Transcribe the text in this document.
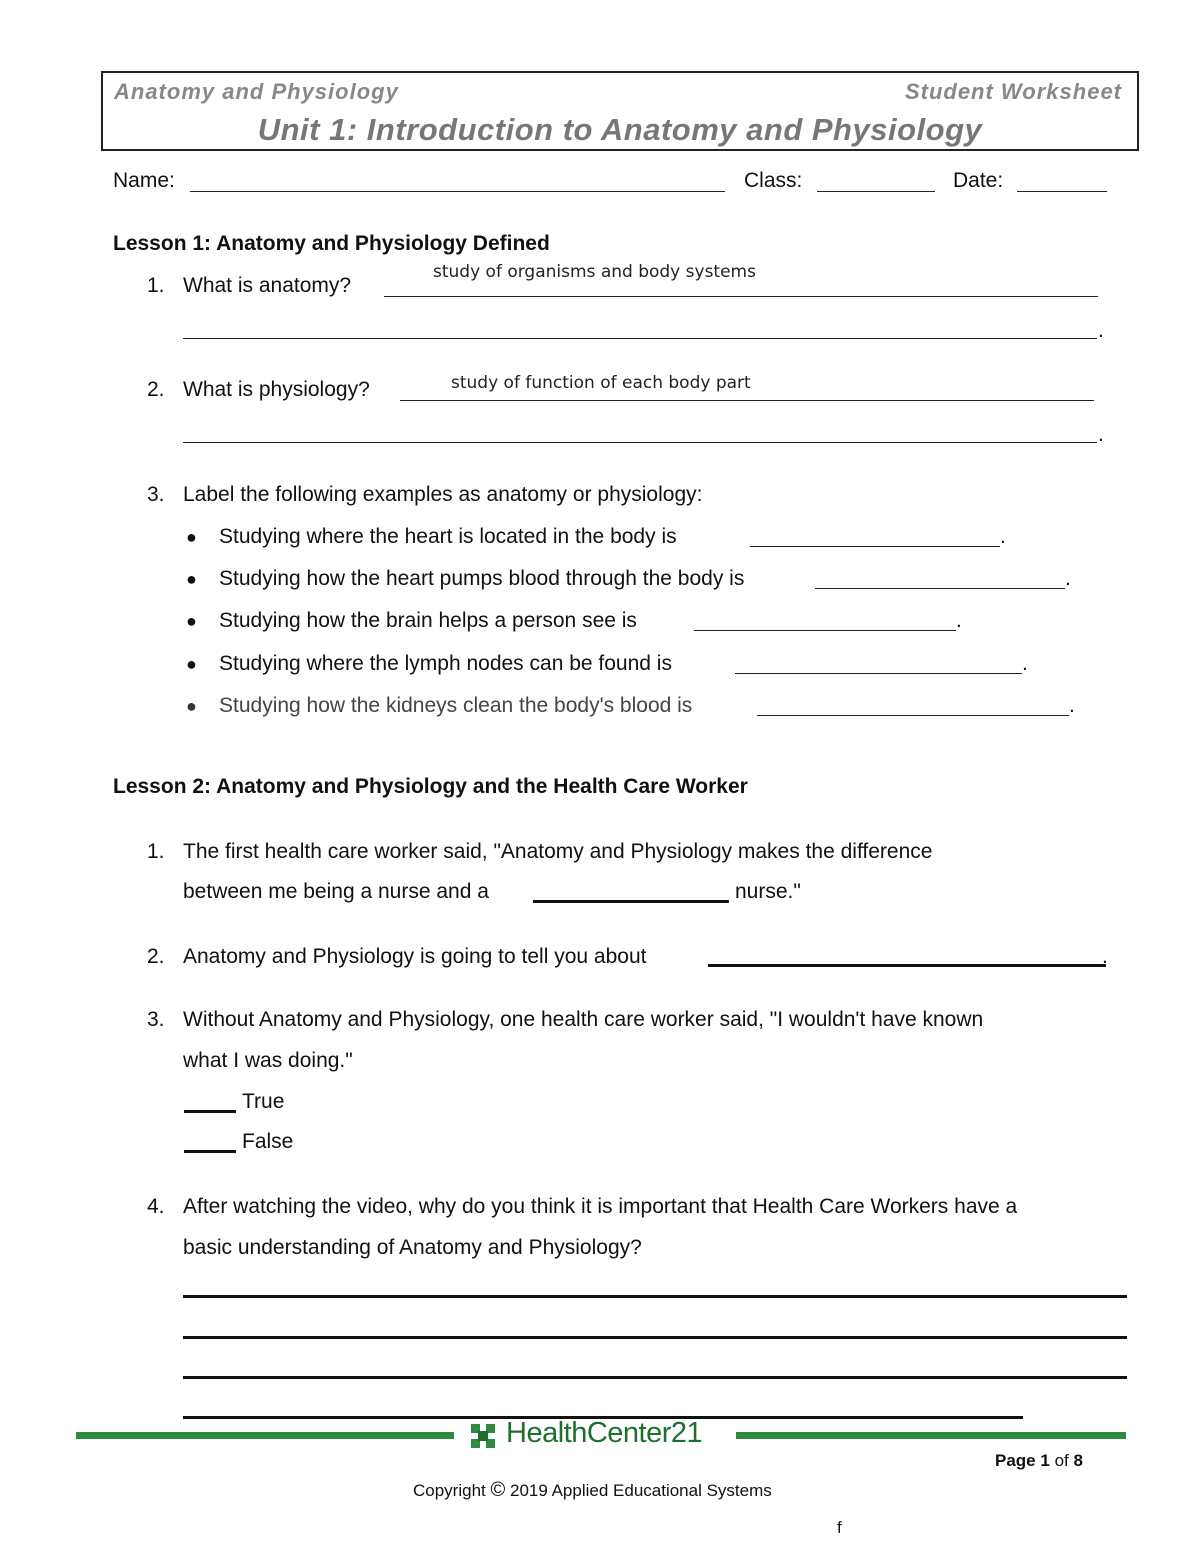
Anatomy and Physiology	Student Worksheet
Unit 1: Introduction to Anatomy and Physiology
Name:	Class:	Date:
Lesson 1: Anatomy and Physiology Defined
1. What is anatomy?
study of organisms and body systems
.
2. What is physiology?	study of function of each body part
.
3. Label the following examples as anatomy or physiology:
● Studying where the heart is located in the body is	.
● Studying how the heart pumps blood through the body is	.
● Studying how the brain helps a person see is	.
● Studying where the lymph nodes can be found is	.
● Studying how the kidneys clean the body's blood is	.
Lesson 2: Anatomy and Physiology and the Health Care Worker
1. The first health care worker said, "Anatomy and Physiology makes the difference
between me being a nurse and a	nurse."
2. Anatomy and Physiology is going to tell you about	.
3. Without Anatomy and Physiology, one health care worker said, "I wouldn't have known
what I was doing."
True
False
4. After watching the video, why do you think it is important that Health Care Workers have a
basic understanding of Anatomy and Physiology?
HealthCenter21
Page 1 of 8
Copyright © 2019 Applied Educational Systems
f
